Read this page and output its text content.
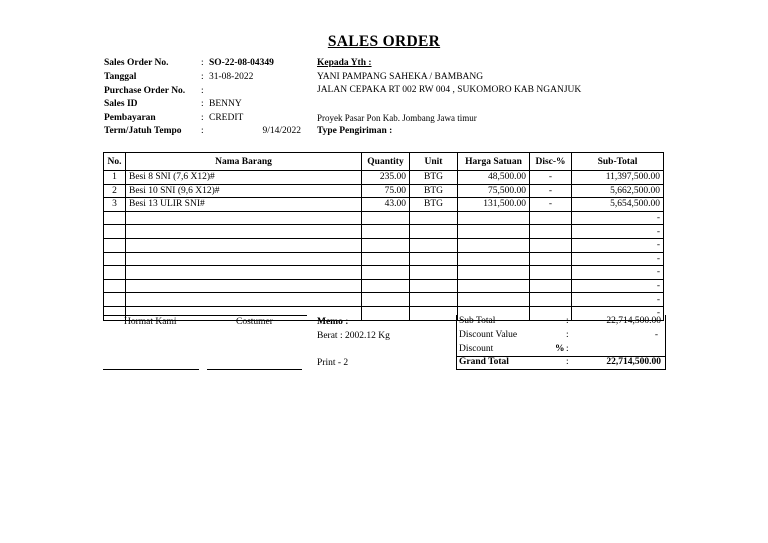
SALES ORDER
Sales Order No.	: SO-22-08-04349
Tanggal	: 31-08-2022
Purchase Order No. :
Sales ID	: BENNY
Pembayaran	: CREDIT
Term/Jatuh Tempo :	9/14/2022
Kepada Yth :
YANI PAMPANG SAHEKA / BAMBANG
JALAN CEPAKA RT 002 RW 004 , SUKOMORO KAB NGANJUK
Proyek Pasar Pon Kab. Jombang Jawa timur
Type Pengiriman :
No.	Nama Barang	Quantity	Unit	Harga Satuan	Disc-%	Sub-Total
1	Besi 8 SNI (7,6 X12)#	235.00	BTG	48,500.00	-	11,397,500.00
2	Besi 10 SNI (9,6 X12)#	75.00	BTG	75,500.00	-	5,662,500.00
3	Besi 13 ULIR SNI#	43.00	BTG	131,500.00	-	5,654,500.00
						-
						-
						-
						-
						-
						-
						-
						-
Hormat Kami	Costumer	Memo :
Berat : 2002.12 Kg
Print - 2
Sub Total	:	22,714,500.00
Discount Value	:	-
Discount	% :
Grand Total	:	22,714,500.00
